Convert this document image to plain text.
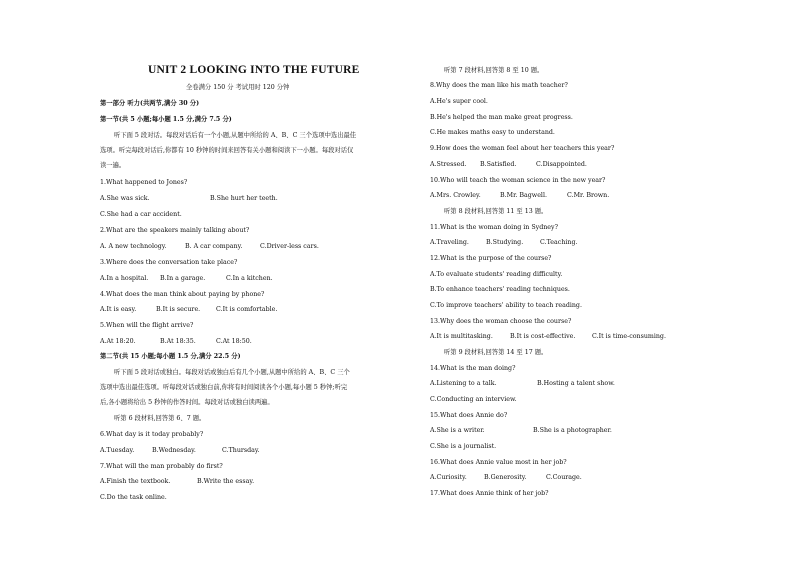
UNIT 2 LOOKING INTO THE FUTURE
全卷满分 150 分 考试用时 120 分钟
第一部分 听力(共两节,满分 30 分)
第一节(共 5 小题;每小题 1.5 分,满分 7.5 分)
听下面 5 段对话。每段对话后有一个小题,从题中所给的 A、B、C 三个选项中选出最佳
选项。听完每段对话后,你都有 10 秒钟的时间来回答有关小题和阅读下一小题。每段对话仅
读一遍。
1.What happened to Jones?
A.She was sick.	B.She hurt her teeth.
C.She had a car accident.
2.What are the speakers mainly talking about?
A. A new technology.	B. A car company.	C.Driver-less cars.
3.Where does the conversation take place?
A.In a hospital. B.In a garage.	C.In a kitchen.
4.What does the man think about paying by phone?
A.It is easy.	B.It is secure.	C.It is comfortable.
5.When will the flight arrive?
A.At 18:20.	B.At 18:35.	C.At 18:50.
第二节(共 15 小题;每小题 1.5 分,满分 22.5 分)
听下面 5 段对话或独白。每段对话或独白后有几个小题,从题中所给的 A、B、C 三个
选项中选出最佳选项。听每段对话或独白前,你将有时间阅读各个小题,每小题 5 秒钟;听完
后,各小题将给出 5 秒钟的作答时间。每段对话或独白读两遍。
听第 6 段材料,回答第 6、7 题。
6.What day is it today probably?
A.Tuesday.	B.Wednesday.	C.Thursday.
7.What will the man probably do first?
A.Finish the textbook.	B.Write the essay.
C.Do the task online.
听第 7 段材料,回答第 8 至 10 题。
8.Why does the man like his math teacher?
A.He's super cool.
B.He's helped the man make great progress.
C.He makes maths easy to understand.
9.How does the woman feel about her teachers this year?
A.Stressed. B.Satisfied.	C.Disappointed.
10.Who will teach the woman science in the new year?
A.Mrs. Crowley.	B.Mr. Bagwell.	C.Mr. Brown.
听第 8 段材料,回答第 11 至 13 题。
11.What is the woman doing in Sydney?
A.Traveling.	B.Studying.	C.Teaching.
12.What is the purpose of the course?
A.To evaluate students' reading difficulty.
B.To enhance teachers' reading techniques.
C.To improve teachers' ability to teach reading.
13.Why does the woman choose the course?
A.It is multitasking.	B.It is cost-effective.	C.It is time-consuming.
听第 9 段材料,回答第 14 至 17 题。
14.What is the man doing?
A.Listening to a talk.	B.Hosting a talent show.
C.Conducting an interview.
15.What does Annie do?
A.She is a writer.	B.She is a photographer.
C.She is a journalist.
16.What does Annie value most in her job?
A.Curiosity.	B.Generosity.	C.Courage.
17.What does Annie think of her job?
